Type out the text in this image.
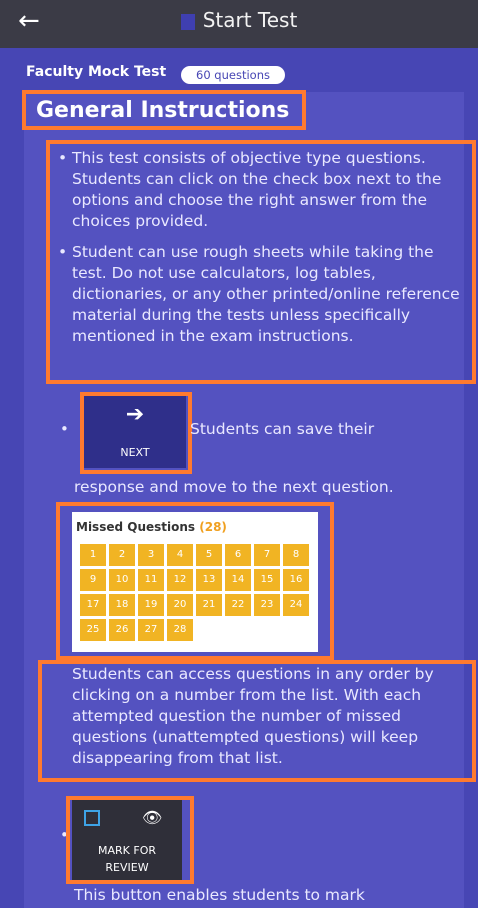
←	Start Test
Faculty Mock Test	60 questions
General Instructions
• This test consists of objective type questions. Students can click on the check box next to the options and choose the right answer from the choices provided.
• Student can use rough sheets while taking the test. Do not use calculators, log tables, dictionaries, or any other printed/online reference material during the tests unless specifically mentioned in the exam instructions.
•
➔
NEXT
Students can save their
response and move to the next question.
Missed Questions (28)
1	2	3	4	5	6	7	8
9	10	11	12	13	14	15	16
17	18	19	20	21	22	23	24
25	26	27	28
Students can access questions in any order by clicking on a number from the list. With each attempted question the number of missed questions (unattempted questions) will keep disappearing from that list.
•
👁
MARK FOR
REVIEW
This button enables students to mark
